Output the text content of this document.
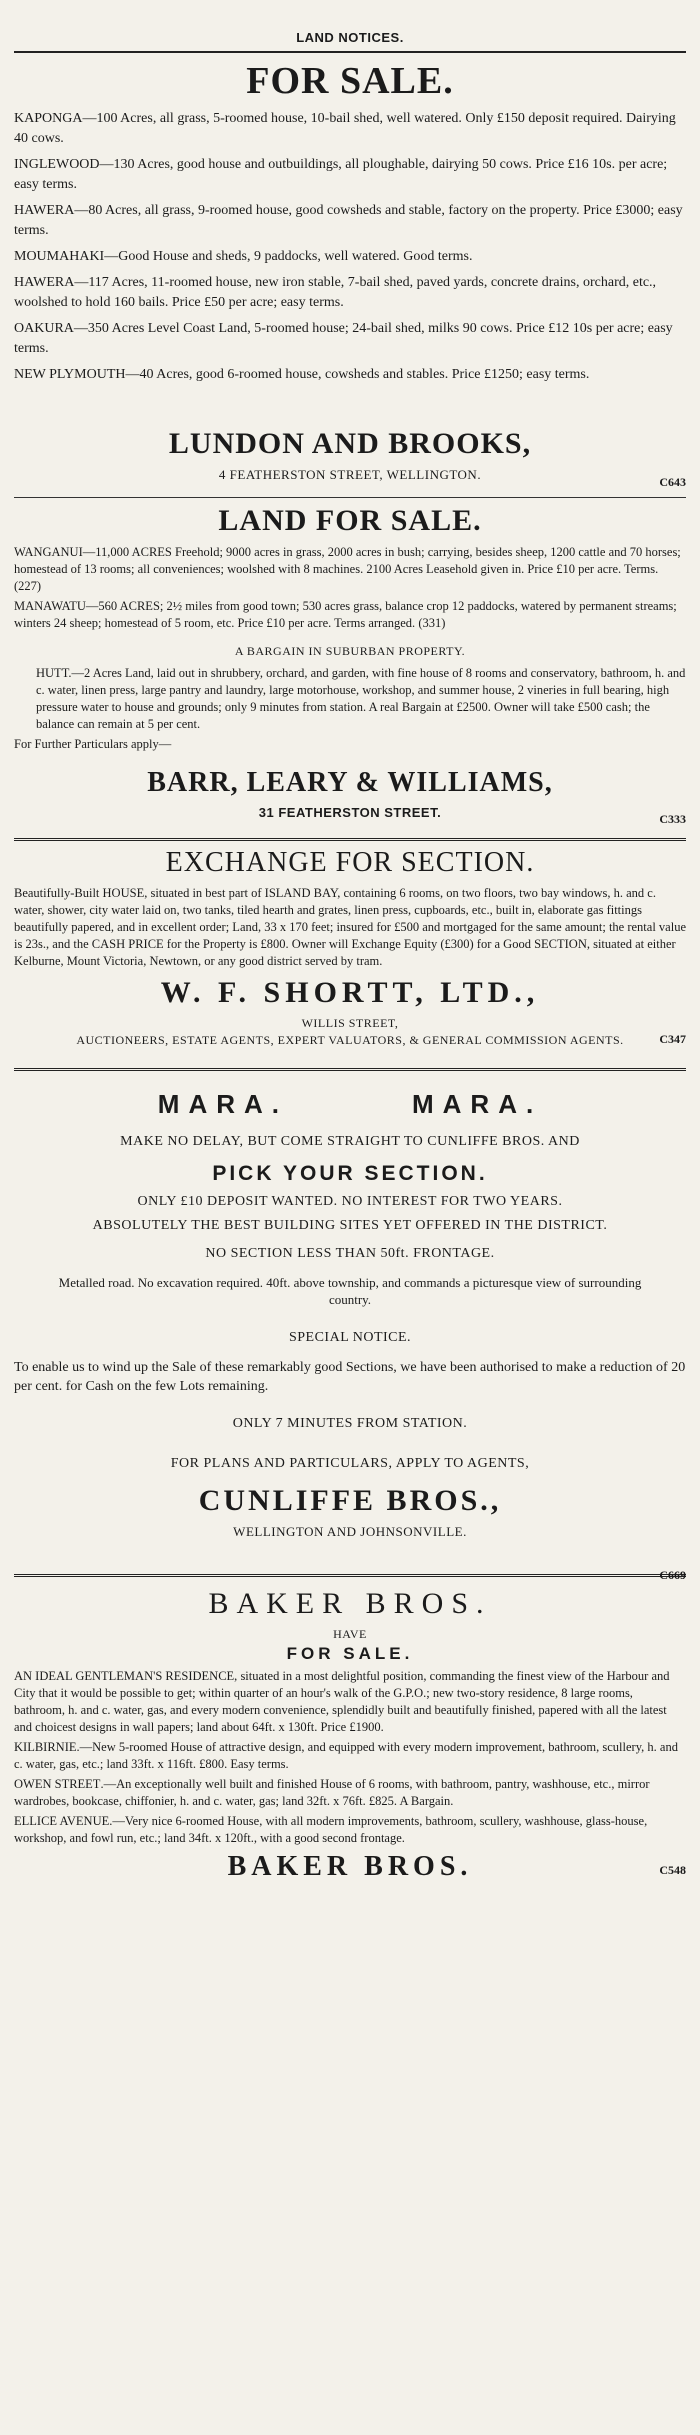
LAND NOTICES.
FOR SALE.
KAPONGA—100 Acres, all grass, 5-roomed house, 10-bail shed, well watered. Only £150 deposit required. Dairying 40 cows.
INGLEWOOD—130 Acres, good house and outbuildings, all ploughable, dairying 50 cows. Price £16 10s. per acre; easy terms.
HAWERA—80 Acres, all grass, 9-roomed house, good cowsheds and stable, factory on the property. Price £3000; easy terms.
MOUMAHAKI—Good House and sheds, 9 paddocks, well watered. Good terms.
HAWERA—117 Acres, 11-roomed house, new iron stable, 7-bail shed, paved yards, concrete drains, orchard, etc., woolshed to hold 160 bails. Price £50 per acre; easy terms.
OAKURA—350 Acres Level Coast Land, 5-roomed house; 24-bail shed, milks 90 cows. Price £12 10s per acre; easy terms.
NEW PLYMOUTH—40 Acres, good 6-roomed house, cowsheds and stables. Price £1250; easy terms.
LUNDON AND BROOKS,
4 FEATHERSTON STREET, WELLINGTON.	C643
LAND FOR SALE.
WANGANUI—11,000 ACRES Freehold; 9000 acres in grass, 2000 acres in bush; carrying, besides sheep, 1200 cattle and 70 horses; homestead of 13 rooms; all conveniences; woolshed with 8 machines. 2100 Acres Leasehold given in. Price £10 per acre. Terms. (227)
MANAWATU—560 ACRES; 2½ miles from good town; 530 acres grass, balance crop 12 paddocks, watered by permanent streams; winters 24 sheep; homestead of 5 room, etc. Price £10 per acre. Terms arranged. (331)
A BARGAIN IN SUBURBAN PROPERTY.
HUTT.—2 Acres Land, laid out in shrubbery, orchard, and garden, with fine house of 8 rooms and conservatory, bathroom, h. and c. water, linen press, large pantry and laundry, large motorhouse, workshop, and summer house, 2 vineries in full bearing, high pressure water to house and grounds; only 9 minutes from station. A real Bargain at £2500. Owner will take £500 cash; the balance can remain at 5 per cent.
For Further Particulars apply—
BARR, LEARY & WILLIAMS,
31 FEATHERSTON STREET.	C333
EXCHANGE FOR SECTION.
Beautifully-Built HOUSE, situated in best part of ISLAND BAY, containing 6 rooms, on two floors, two bay windows, h. and c. water, shower, city water laid on, two tanks, tiled hearth and grates, linen press, cupboards, etc., built in, elaborate gas fittings beautifully papered, and in excellent order; Land, 33 x 170 feet; insured for £500 and mortgaged for the same amount; the rental value is 23s., and the CASH PRICE for the Property is £800. Owner will Exchange Equity (£300) for a Good SECTION, situated at either Kelburne, Mount Victoria, Newtown, or any good district served by tram.
W. F. SHORTT, LTD.,
WILLIS STREET,
AUCTIONEERS, ESTATE AGENTS, EXPERT VALUATORS, & GENERAL COMMISSION AGENTS.	C347
MARA.	MARA.
MAKE NO DELAY, BUT COME STRAIGHT TO CUNLIFFE BROS. AND
PICK YOUR SECTION.
ONLY £10 DEPOSIT WANTED. NO INTEREST FOR TWO YEARS.
ABSOLUTELY THE BEST BUILDING SITES YET OFFERED IN THE DISTRICT.
NO SECTION LESS THAN 50ft. FRONTAGE.
Metalled road. No excavation required. 40ft. above township, and commands a picturesque view of surrounding country.
SPECIAL NOTICE.
To enable us to wind up the Sale of these remarkably good Sections, we have been authorised to make a reduction of 20 per cent. for Cash on the few Lots remaining.
ONLY 7 MINUTES FROM STATION.
FOR PLANS AND PARTICULARS, APPLY TO AGENTS,
CUNLIFFE BROS.,
WELLINGTON AND JOHNSONVILLE.
C669
BAKER BROS.
HAVE
FOR SALE.
AN IDEAL GENTLEMAN'S RESIDENCE, situated in a most delightful position, commanding the finest view of the Harbour and City that it would be possible to get; within quarter of an hour's walk of the G.P.O.; new two-story residence, 8 large rooms, bathroom, h. and c. water, gas, and every modern convenience, splendidly built and beautifully finished, papered with all the latest and choicest designs in wall papers; land about 64ft. x 130ft. Price £1900.
KILBIRNIE.—New 5-roomed House of attractive design, and equipped with every modern improvement, bathroom, scullery, h. and c. water, gas, etc.; land 33ft. x 116ft. £800. Easy terms.
OWEN STREET.—An exceptionally well built and finished House of 6 rooms, with bathroom, pantry, washhouse, etc., mirror wardrobes, bookcase, chiffonier, h. and c. water, gas; land 32ft. x 76ft. £825. A Bargain.
ELLICE AVENUE.—Very nice 6-roomed House, with all modern improvements, bathroom, scullery, washhouse, glass-house, workshop, and fowl run, etc.; land 34ft. x 120ft., with a good second frontage.
BAKER BROS.	C548
